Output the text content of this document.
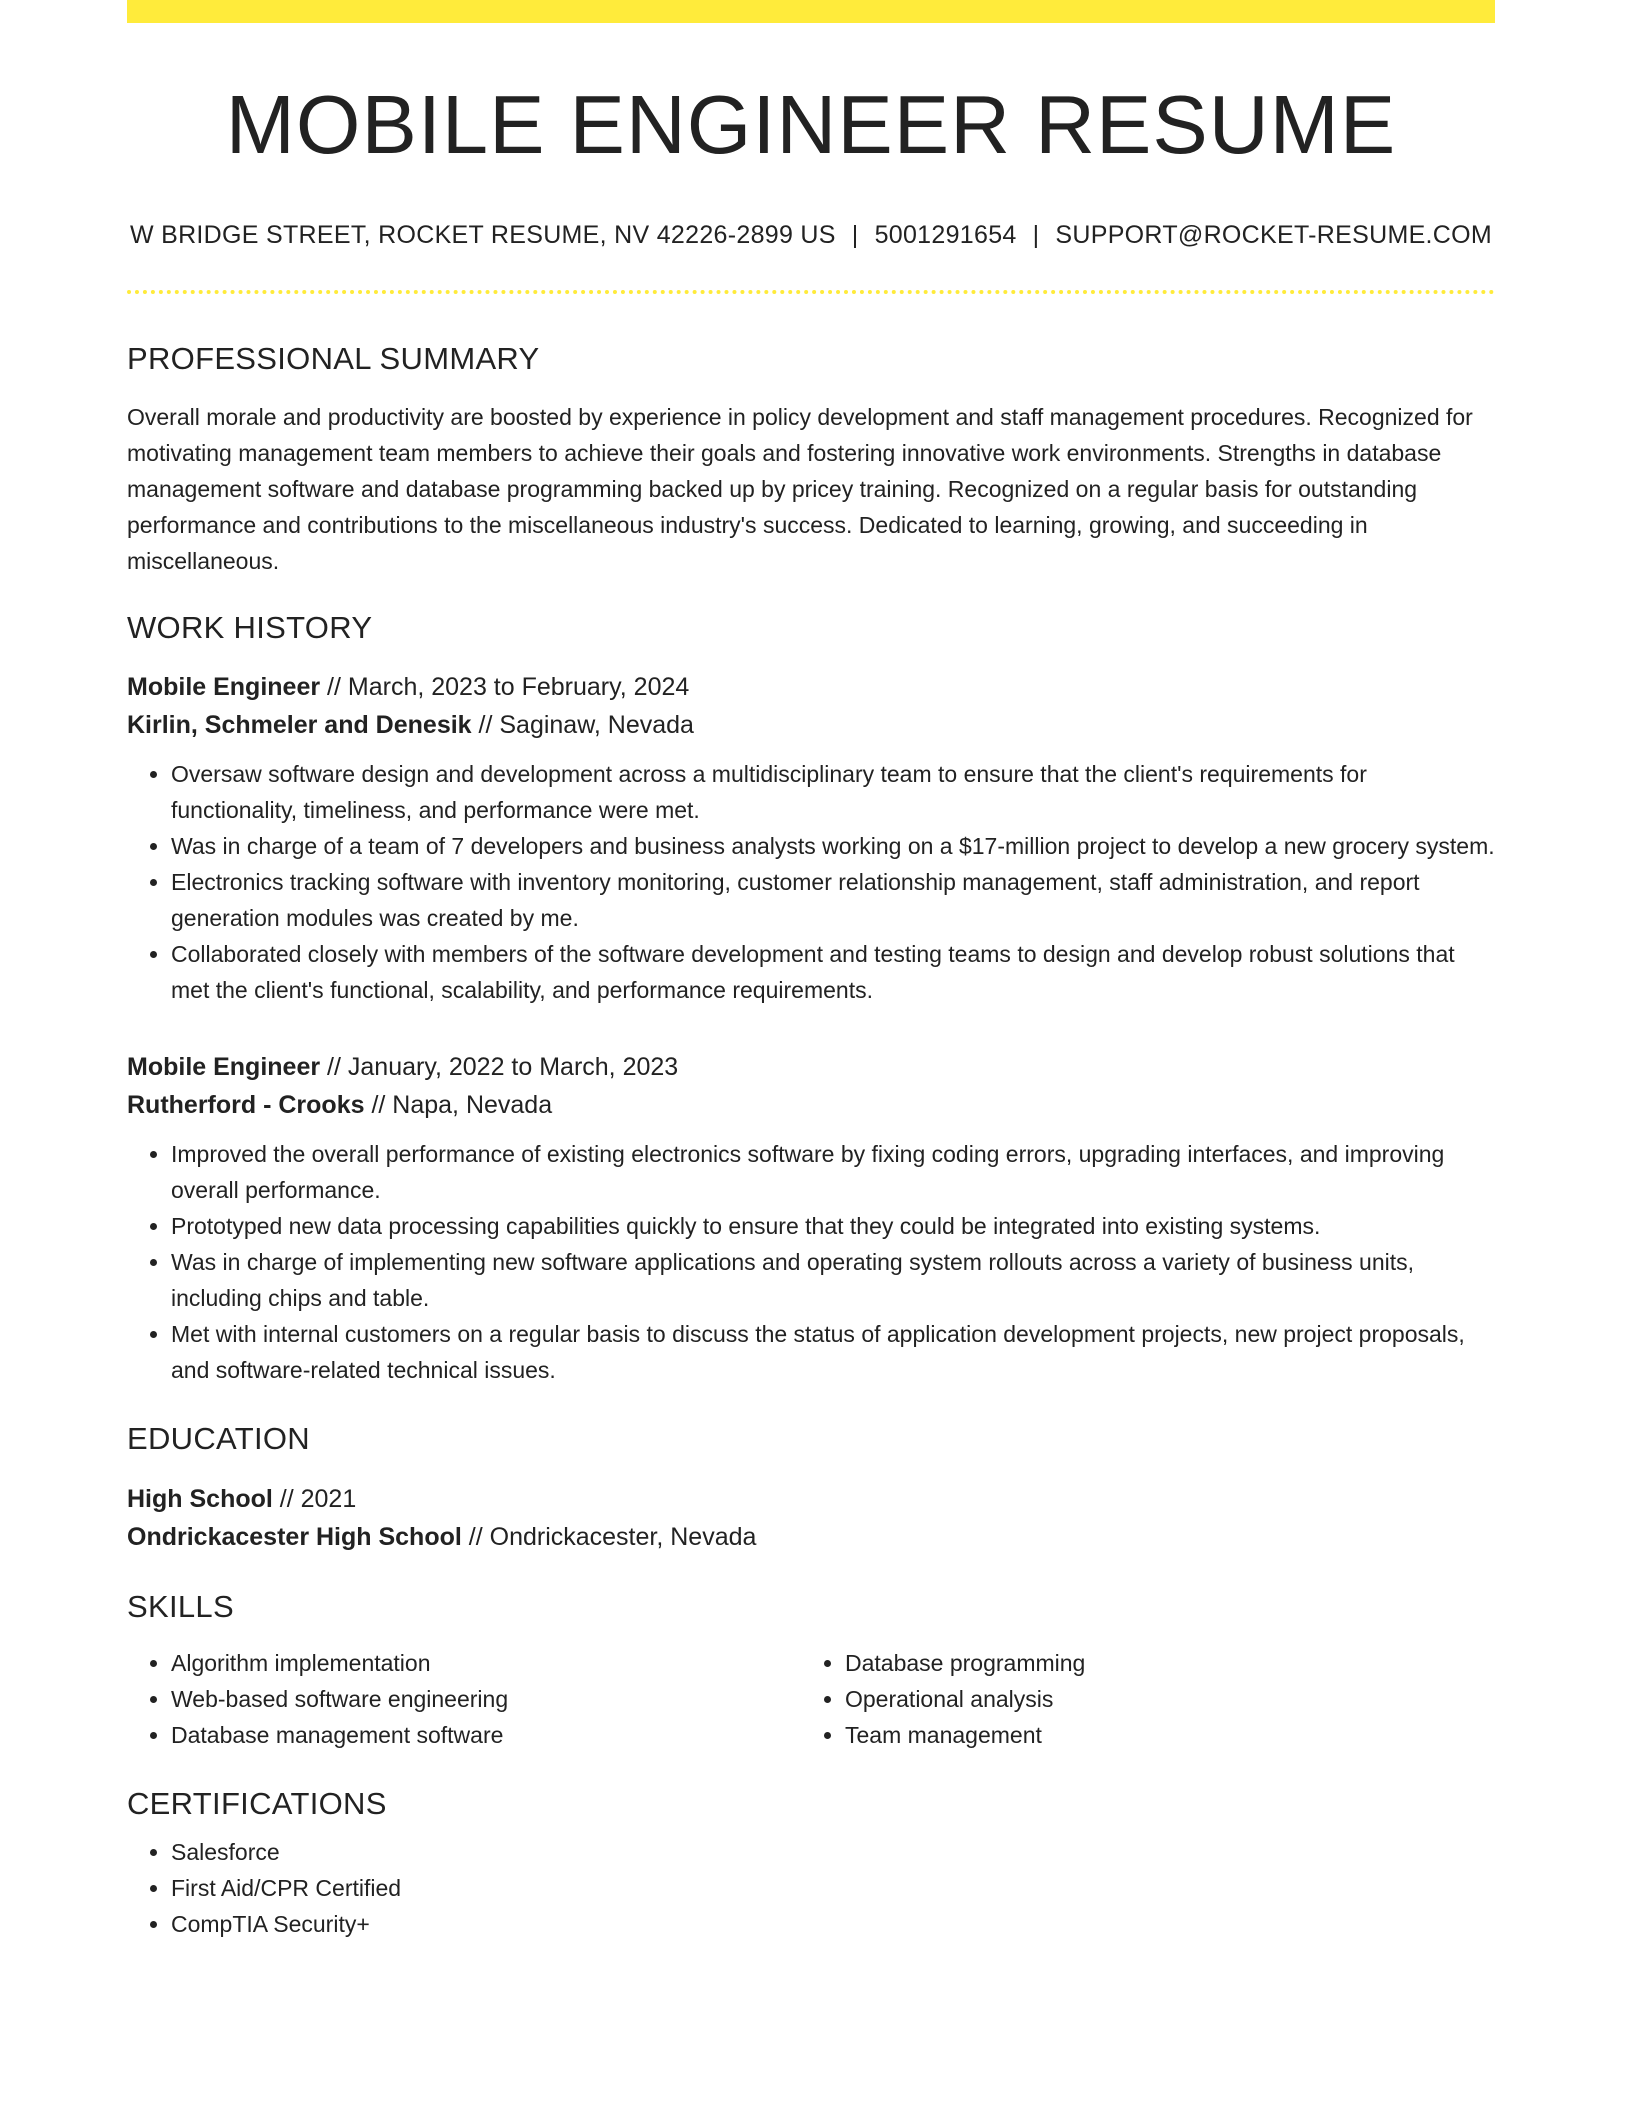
MOBILE ENGINEER RESUME
W BRIDGE STREET, ROCKET RESUME, NV 42226-2899 US | 5001291654 | SUPPORT@ROCKET-RESUME.COM
PROFESSIONAL SUMMARY

Overall morale and productivity are boosted by experience in policy development and staff management procedures. Recognized for motivating management team members to achieve their goals and fostering innovative work environments. Strengths in database management software and database programming backed up by pricey training. Recognized on a regular basis for outstanding performance and contributions to the miscellaneous industry's success. Dedicated to learning, growing, and succeeding in miscellaneous.

WORK HISTORY
Mobile Engineer // March, 2023 to February, 2024
Kirlin, Schmeler and Denesik // Saginaw, Nevada
• Oversaw software design and development across a multidisciplinary team to ensure that the client's requirements for functionality, timeliness, and performance were met.
• Was in charge of a team of 7 developers and business analysts working on a $17-million project to develop a new grocery system.
• Electronics tracking software with inventory monitoring, customer relationship management, staff administration, and report generation modules was created by me.
• Collaborated closely with members of the software development and testing teams to design and develop robust solutions that met the client's functional, scalability, and performance requirements.
Mobile Engineer // January, 2022 to March, 2023
Rutherford - Crooks // Napa, Nevada
• Improved the overall performance of existing electronics software by fixing coding errors, upgrading interfaces, and improving overall performance.
• Prototyped new data processing capabilities quickly to ensure that they could be integrated into existing systems.
• Was in charge of implementing new software applications and operating system rollouts across a variety of business units, including chips and table.
• Met with internal customers on a regular basis to discuss the status of application development projects, new project proposals, and software-related technical issues.
EDUCATION
High School // 2021
Ondrickacester High School // Ondrickacester, Nevada
SKILLS
• Algorithm implementation
• Web-based software engineering
• Database management software
• Database programming
• Operational analysis
• Team management
CERTIFICATIONS
• Salesforce
• First Aid/CPR Certified
• CompTIA Security+
